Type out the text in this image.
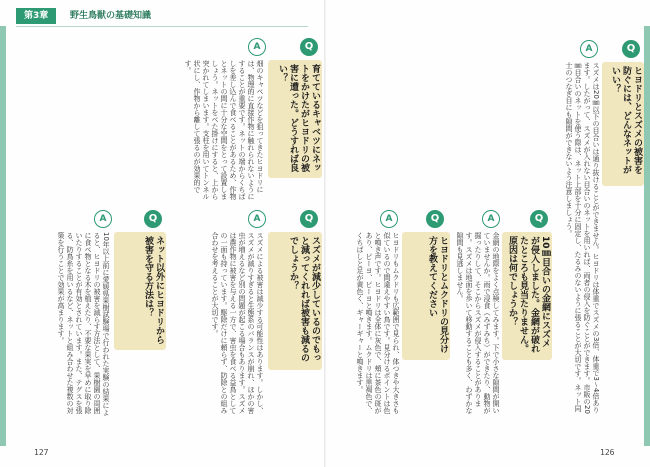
第3章	野生鳥獣の基礎知識
Q
ヒヨドリとスズメの被害を防ぐには、どんなネットがいい？
A
スズメは20㎜以下の目合いは通り抜けることができません。ヒヨドリは体重でスズメの3倍、体重で3〜4倍あります。したがって、スズメが入れない目合いのネットを用いれば、両者の侵入を防ぐことができます。市販の20㎜目合いのネットを使う際は、ネット上部を十分に固定し、たるみのないように張ることが大切です。ネット同士のつなぎ目にも隙間ができないよう注意しましょう。
Q
10㎜目合いの金網にスズメが侵入しました。金網が破れたところも見当たりません。原因は何でしょうか？
A
金網の地際をよく点検してみます。下で小さな隙間が開いていませんか。雨で浸食（みずみち）ができたり、動物が掘ったりして、そこからスズメが侵入することがあります。スズメは地面を歩いて移動することも多く、わずかな隙間も見逃しません。
Q
ヒヨドリとムクドリの見分け方を教えてください
A
ヒヨドリもムクドリも広範囲で見られ、体つきや大きさも似ているので間違えやすい鳥です。見分けるポイントは色と鳴き声です。ヒヨドリは全体に灰色で、頬に茶色の斑があり、ピーヨ、ピーヨと鳴きます。ムクドリは黒褐色で、くちばしと足が黄色く、ギャーギャーと鳴きます。
Q
育てているキャベツにネットをかけたがヒヨドリの被害に遭った。どうすれば良い？
A
畑のキャベツなどを狙ってきたヒヨドリには、物理的に直接作物に触れられないようにすることが重要です。ネットの端からくちばしを差し込んで食べることがあるため、作物とネットの間に十分な空間をとって設置しましょう。ネットをべた掛けにすると、上から突かれてしまいます。支柱を用いてトンネル状にし、作物から離して張るのが効果的です。
Q
スズメが減少しているのでもっと減ってくれれば被害も減るのでしょうか？
A
スズメによる被害は減少する可能性はあります。しかし、スズメが減りすぎると生態系のバランスが崩れ、ほかの害虫が増えるなど別の問題が起こる場合もあります。スズメは農作物に被害を与える一方で、害虫を食べる益鳥としての一面も持っています。駆除だけに頼らず、防除との組み合わせを考えることが大切です。
Q
ネット以外にヒヨドリから被害を守る方法は？
A
10年以上前に愛媛県果樹試験場で行われた実験の結果によると、ヒヨドリの被害を減らす方法として、果樹園の周囲に食べ物となる木を植えたり、不要な果実を早めに取り除いたりすることが有効とされています。また、テグスを張る、防鳥糸を用いるなど、ネットと組み合わせた複数の対策を行うことで効果が高まります。
127	126
